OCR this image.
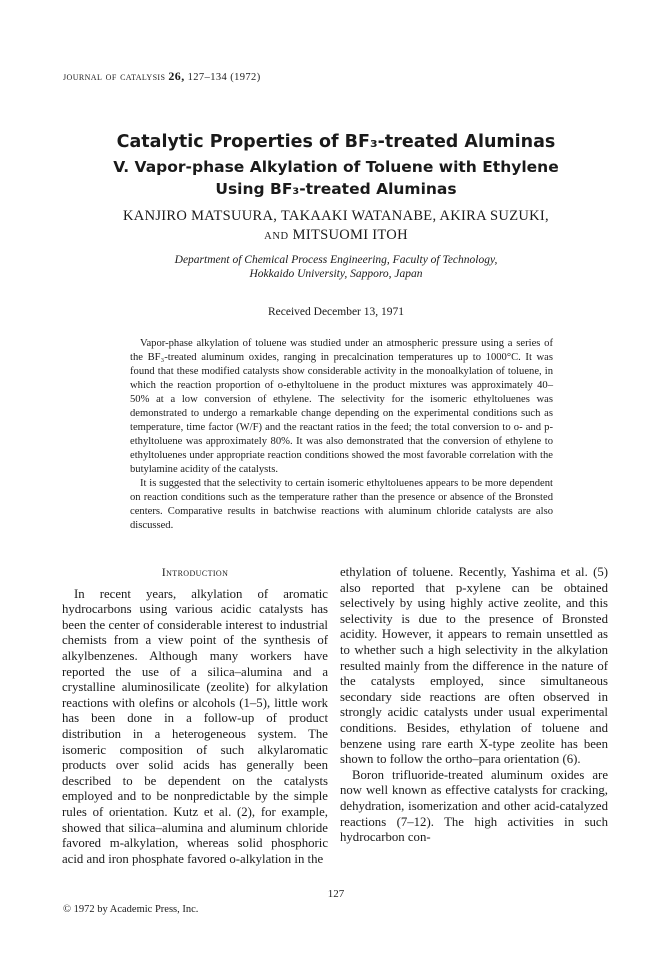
journal of catalysis 26, 127–134 (1972)
Catalytic Properties of BF₃-treated Aluminas
V. Vapor-phase Alkylation of Toluene with Ethylene
Using BF₃-treated Aluminas
KANJIRO MATSUURA, TAKAAKI WATANABE, AKIRA SUZUKI,
AND MITSUOMI ITOH
Department of Chemical Process Engineering, Faculty of Technology,
Hokkaido University, Sapporo, Japan
Received December 13, 1971

Vapor-phase alkylation of toluene was studied under an atmospheric pressure using a series of the BF₃-treated aluminum oxides, ranging in precalcination temperatures up to 1000°C. It was found that these modified catalysts show considerable activity in the monoalkylation of toluene, in which the reaction proportion of o-ethyltoluene in the product mixtures was approximately 40–50% at a low conversion of ethylene. The selectivity for the isomeric ethyltoluenes was demonstrated to undergo a remarkable change depending on the experimental conditions such as temperature, time factor (W/F) and the reactant ratios in the feed; the total conversion to o- and p-ethyltoluene was approximately 80%. It was also demonstrated that the conversion of ethylene to ethyltoluenes under appropriate reaction conditions showed the most favorable correlation with the butylamine acidity of the catalysts.

It is suggested that the selectivity to certain isomeric ethyltoluenes appears to be more dependent on reaction conditions such as the temperature rather than the presence or absence of the Bronsted centers. Comparative results in batchwise reactions with aluminum chloride catalysts are also discussed.

Introduction

In recent years, alkylation of aromatic hydrocarbons using various acidic catalysts has been the center of considerable interest to industrial chemists from a view point of the synthesis of alkylbenzenes. Although many workers have reported the use of a silica–alumina and a crystalline aluminosilicate (zeolite) for alkylation reactions with olefins or alcohols (1–5), little work has been done in a follow-up of product distribution in a heterogeneous system. The isomeric composition of such alkylaromatic products over solid acids has generally been described to be dependent on the catalysts employed and to be nonpredictable by the simple rules of orientation. Kutz et al. (2), for example, showed that silica–alumina and aluminum chloride favored m-alkylation, whereas solid phosphoric acid and iron phosphate favored o-alkylation in the

ethylation of toluene. Recently, Yashima et al. (5) also reported that p-xylene can be obtained selectively by using highly active zeolite, and this selectivity is due to the presence of Bronsted acidity. However, it appears to remain unsettled as to whether such a high selectivity in the alkylation resulted mainly from the difference in the nature of the catalysts employed, since simultaneous secondary side reactions are often observed in strongly acidic catalysts under usual experimental conditions. Besides, ethylation of toluene and benzene using rare earth X-type zeolite has been shown to follow the ortho–para orientation (6).

Boron trifluoride-treated aluminum oxides are now well known as effective catalysts for cracking, dehydration, isomerization and other acid-catalyzed reactions (7–12). The high activities in such hydrocarbon con-

127
© 1972 by Academic Press, Inc.
